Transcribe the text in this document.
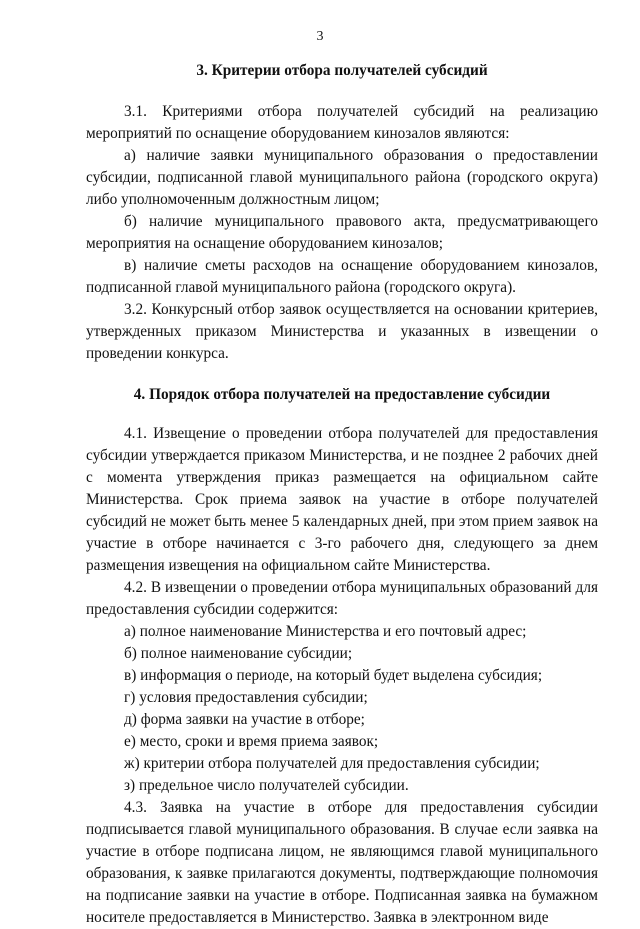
3
3. Критерии отбора получателей субсидий

3.1. Критериями отбора получателей субсидий на реализацию мероприятий по оснащение оборудованием кинозалов являются:

а) наличие заявки муниципального образования о предоставлении субсидии, подписанной главой муниципального района (городского округа) либо уполномоченным должностным лицом;

б) наличие муниципального правового акта, предусматривающего мероприятия на оснащение оборудованием кинозалов;

в) наличие сметы расходов на оснащение оборудованием кинозалов, подписанной главой муниципального района (городского округа).

3.2. Конкурсный отбор заявок осуществляется на основании критериев, утвержденных приказом Министерства и указанных в извещении о проведении конкурса.

4. Порядок отбора получателей на предоставление субсидии

4.1. Извещение о проведении отбора получателей для предоставления субсидии утверждается приказом Министерства, и не позднее 2 рабочих дней с момента утверждения приказ размещается на официальном сайте Министерства. Срок приема заявок на участие в отборе получателей субсидий не может быть менее 5 календарных дней, при этом прием заявок на участие в отборе начинается с 3-го рабочего дня, следующего за днем размещения извещения на официальном сайте Министерства.

4.2. В извещении о проведении отбора муниципальных образований для предоставления субсидии содержится:

а) полное наименование Министерства и его почтовый адрес;

б) полное наименование субсидии;

в) информация о периоде, на который будет выделена субсидия;

г) условия предоставления субсидии;

д) форма заявки на участие в отборе;

е) место, сроки и время приема заявок;

ж) критерии отбора получателей для предоставления субсидии;

з) предельное число получателей субсидии.

4.3. Заявка на участие в отборе для предоставления субсидии подписывается главой муниципального образования. В случае если заявка на участие в отборе подписана лицом, не являющимся главой муниципального образования, к заявке прилагаются документы, подтверждающие полномочия на подписание заявки на участие в отборе. Подписанная заявка на бумажном носителе предоставляется в Министерство. Заявка в электронном виде
